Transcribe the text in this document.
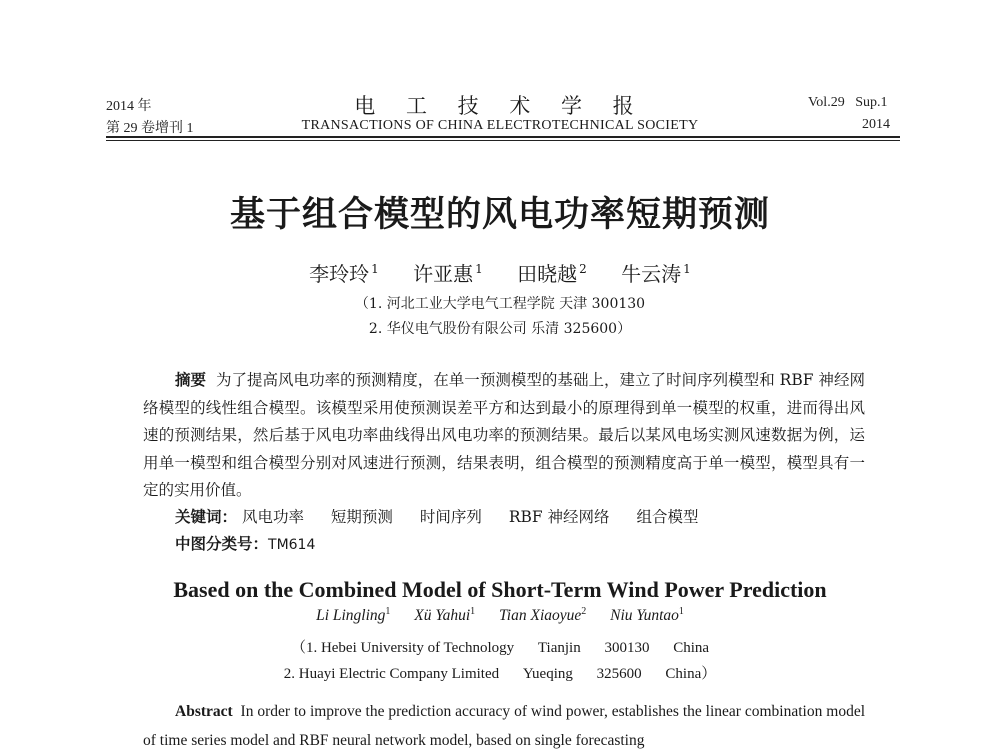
2014 年
第 29 卷增刊 1
电 工 技 术 学 报
TRANSACTIONS OF CHINA ELECTROTECHNICAL SOCIETY
Vol.29 Sup.1
2014
基于组合模型的风电功率短期预测
李玲玲 $^1$ 许亚惠 $^1$ 田晓越 $^2$ 牛云涛 $^1$
（1. 河北工业大学电气工程学院 天津 300130
2. 华仪电气股份有限公司 乐清 325600）
摘要 为了提高风电功率的预测精度，在单一预测模型的基础上，建立了时间序列模型和 RBF 神经网络模型的线性组合模型。该模型采用使预测误差平方和达到最小的原理得到单一模型的权重，进而得出风速的预测结果，然后基于风电功率曲线得出风电功率的预测结果。最后以某风电场实测风速数据为例，运用单一模型和组合模型分别对风速进行预测，结果表明，组合模型的预测精度高于单一模型，模型具有一定的实用价值。
关键词： 风电功率 短期预测 时间序列 RBF 神经网络 组合模型
中图分类号：TM614
Based on the Combined Model of Short-Term Wind Power Prediction
Li Lingling$^1$ Xü Yahui$^1$ Tian Xiaoyue$^2$ Niu Yuntao$^1$
（1. Hebei University of Technology Tianjin 300130 China
2. Huayi Electric Company Limited Yueqing 325600 China）
Abstract In order to improve the prediction accuracy of wind power, establishes the linear combination model of time series model and RBF neural network model, based on single forecasting
